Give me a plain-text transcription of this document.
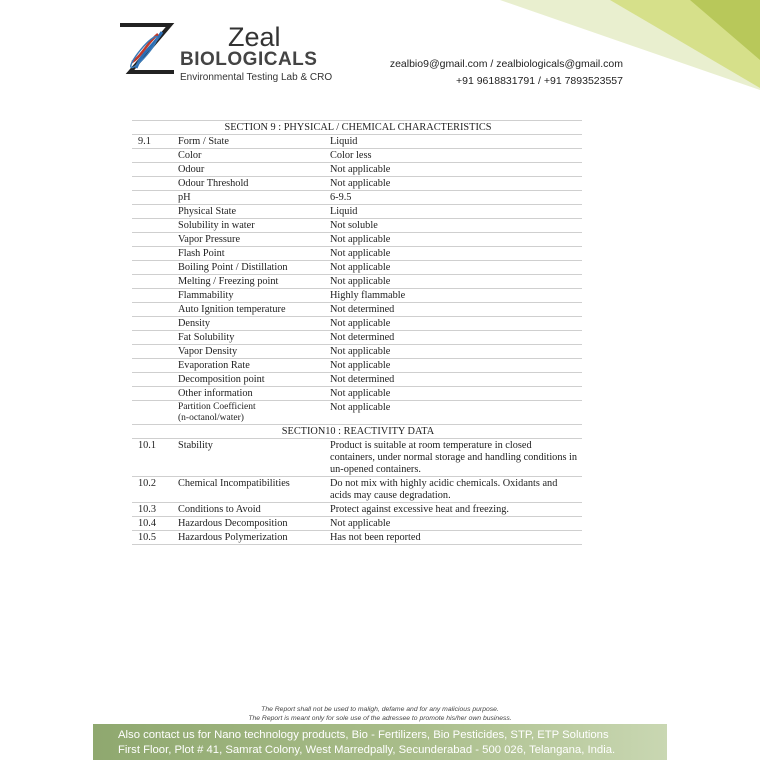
Zeal
BIOLOGICALS
Environmental Testing Lab & CRO
zealbio9@gmail.com / zealbiologicals@gmail.com
+91 9618831791 / +91 7893523557
SECTION 9 : PHYSICAL / CHEMICAL CHARACTERISTICS		
9.1	Form / State	Liquid
	Color	Color less
	Odour	Not applicable
	Odour Threshold	Not applicable
	pH	6-9.5
	Physical State	Liquid
	Solubility in water	Not soluble
	Vapor Pressure	Not applicable
	Flash Point	Not applicable
	Boiling Point / Distillation	Not applicable
	Melting / Freezing point	Not applicable
	Flammability	Highly flammable
	Auto Ignition temperature	Not determined
	Density	Not applicable
	Fat Solubility	Not determined
	Vapor Density	Not applicable
	Evaporation Rate	Not applicable
	Decomposition point	Not determined
	Other information	Not applicable
	Partition Coefficient
(n-octanol/water)	Not applicable
SECTION10 : REACTIVITY DATA		
10.1	Stability	Product is suitable at room temperature in closed containers, under normal storage and handling conditions in un-opened containers.
10.2	Chemical Incompatibilities	Do not mix with highly acidic chemicals. Oxidants and acids may cause degradation.
10.3	Conditions to Avoid	Protect against excessive heat and freezing.
10.4	Hazardous Decomposition	Not applicable
10.5	Hazardous Polymerization	Has not been reported
The Report shall not be used to maligh, defame and for any malicious purpose.
The Report is meant only for sole use of the adressee to promote his/her own business.
Also contact us for Nano technology products, Bio - Fertilizers, Bio Pesticides, STP, ETP Solutions
First Floor, Plot # 41, Samrat Colony, West Marredpally, Secunderabad - 500 026, Telangana, India.
